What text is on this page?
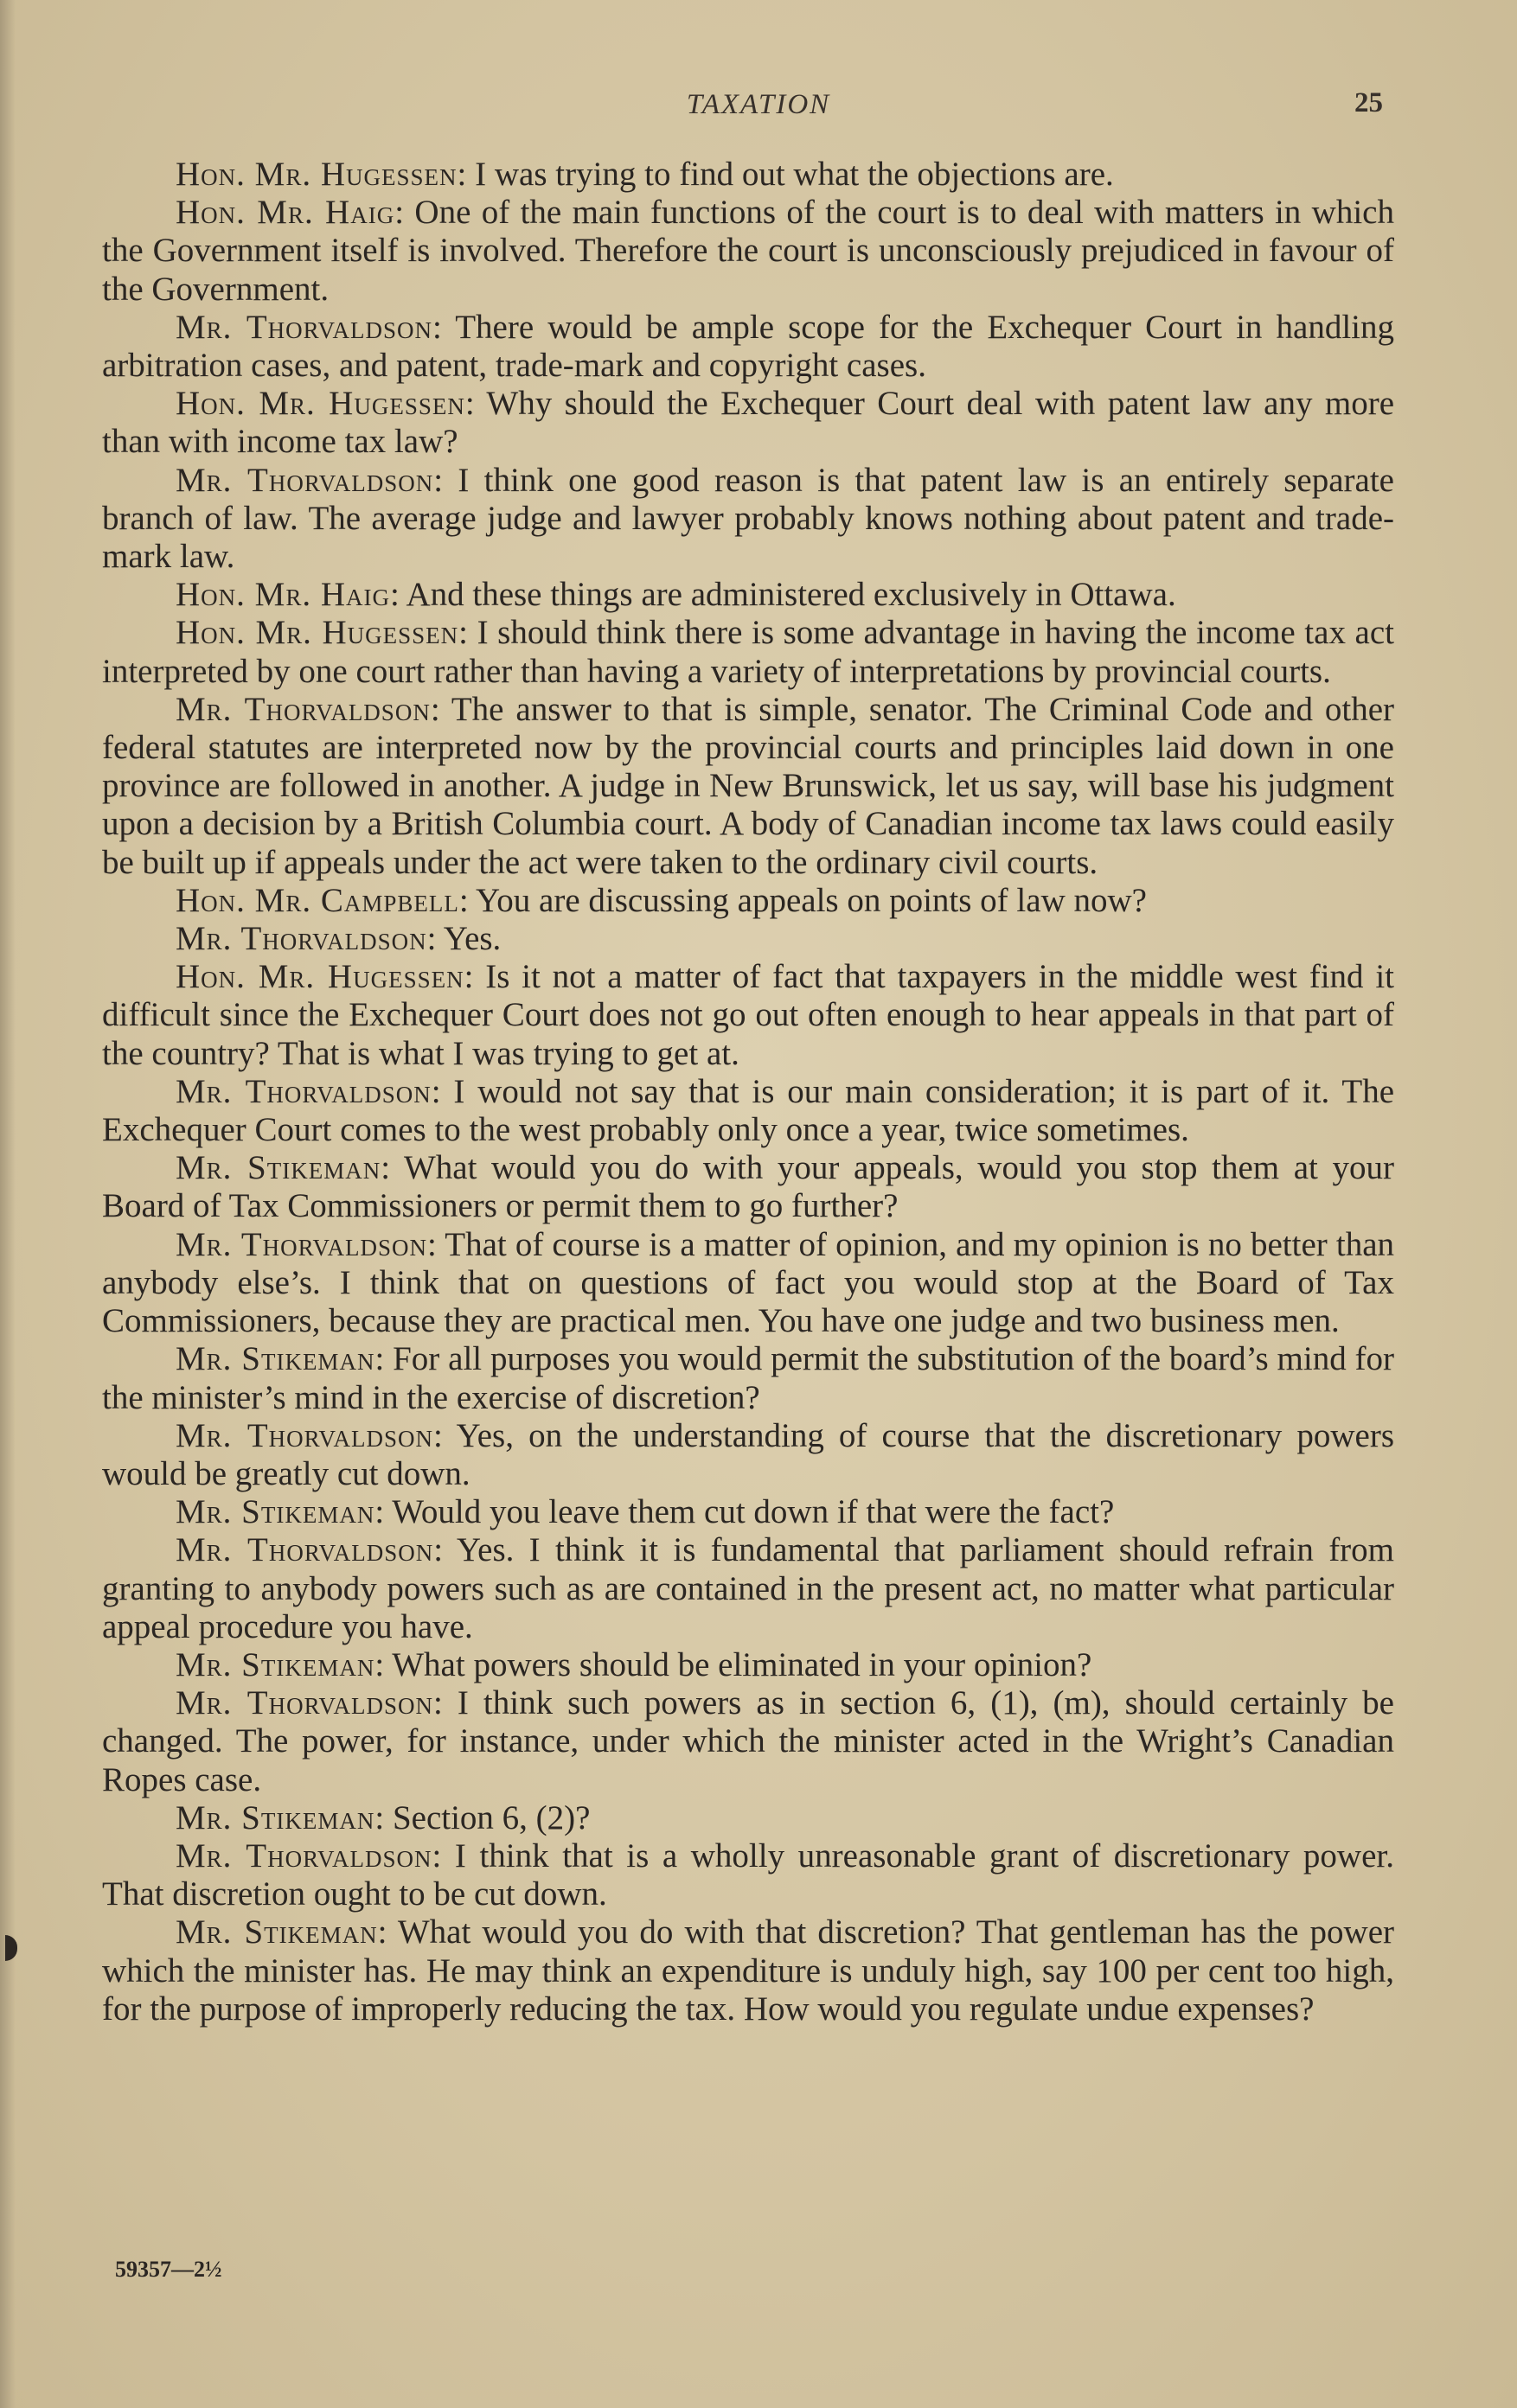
TAXATION	25

Hon. Mr. Hugessen: I was trying to find out what the objections are.

Hon. Mr. Haig: One of the main functions of the court is to deal with matters in which the Government itself is involved. Therefore the court is unconsciously prejudiced in favour of the Government.

Mr. Thorvaldson: There would be ample scope for the Exchequer Court in handling arbitration cases, and patent, trade-mark and copyright cases.

Hon. Mr. Hugessen: Why should the Exchequer Court deal with patent law any more than with income tax law?

Mr. Thorvaldson: I think one good reason is that patent law is an entirely separate branch of law. The average judge and lawyer probably knows nothing about patent and trade-mark law.

Hon. Mr. Haig: And these things are administered exclusively in Ottawa.

Hon. Mr. Hugessen: I should think there is some advantage in having the income tax act interpreted by one court rather than having a variety of interpretations by provincial courts.

Mr. Thorvaldson: The answer to that is simple, senator. The Criminal Code and other federal statutes are interpreted now by the provincial courts and principles laid down in one province are followed in another. A judge in New Brunswick, let us say, will base his judgment upon a decision by a British Columbia court. A body of Canadian income tax laws could easily be built up if appeals under the act were taken to the ordinary civil courts.

Hon. Mr. Campbell: You are discussing appeals on points of law now?

Mr. Thorvaldson: Yes.

Hon. Mr. Hugessen: Is it not a matter of fact that taxpayers in the middle west find it difficult since the Exchequer Court does not go out often enough to hear appeals in that part of the country? That is what I was trying to get at.

Mr. Thorvaldson: I would not say that is our main consideration; it is part of it. The Exchequer Court comes to the west probably only once a year, twice sometimes.

Mr. Stikeman: What would you do with your appeals, would you stop them at your Board of Tax Commissioners or permit them to go further?

Mr. Thorvaldson: That of course is a matter of opinion, and my opinion is no better than anybody else’s. I think that on questions of fact you would stop at the Board of Tax Commissioners, because they are practical men. You have one judge and two business men.

Mr. Stikeman: For all purposes you would permit the substitution of the board’s mind for the minister’s mind in the exercise of discretion?

Mr. Thorvaldson: Yes, on the understanding of course that the discretionary powers would be greatly cut down.

Mr. Stikeman: Would you leave them cut down if that were the fact?

Mr. Thorvaldson: Yes. I think it is fundamental that parliament should refrain from granting to anybody powers such as are contained in the present act, no matter what particular appeal procedure you have.

Mr. Stikeman: What powers should be eliminated in your opinion?

Mr. Thorvaldson: I think such powers as in section 6, (1), (m), should certainly be changed. The power, for instance, under which the minister acted in the Wright’s Canadian Ropes case.

Mr. Stikeman: Section 6, (2)?

Mr. Thorvaldson: I think that is a wholly unreasonable grant of discretionary power. That discretion ought to be cut down.

Mr. Stikeman: What would you do with that discretion? That gentleman has the power which the minister has. He may think an expenditure is unduly high, say 100 per cent too high, for the purpose of improperly reducing the tax. How would you regulate undue expenses?

59357—2½
